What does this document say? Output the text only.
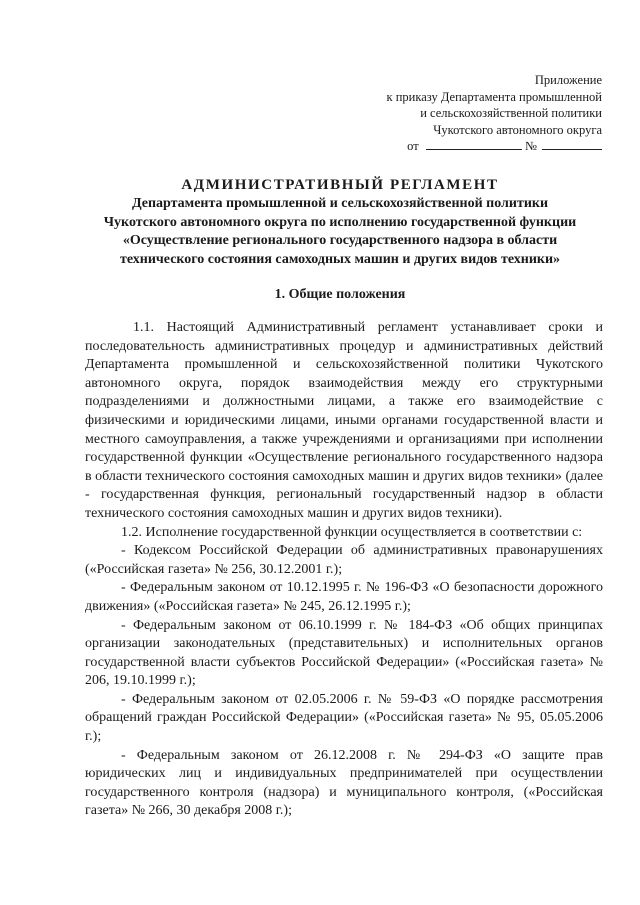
Приложение
к приказу Департамента промышленной
и сельскохозяйственной политики
Чукотского автономного округа
от	№
АДМИНИСТРАТИВНЫЙ РЕГЛАМЕНТ
Департамента промышленной и сельскохозяйственной политики
Чукотского автономного округа по исполнению государственной функции
«Осуществление регионального государственного надзора в области
технического состояния самоходных машин и других видов техники»
1. Общие положения

1.1. Настоящий Административный регламент устанавливает сроки и последовательность административных процедур и административных действий Департамента промышленной и сельскохозяйственной политики Чукотского автономного округа, порядок взаимодействия между его структурными подразделениями и должностными лицами, а также его взаимодействие с физическими и юридическими лицами, иными органами государственной власти и местного самоуправления, а также учреждениями и организациями при исполнении государственной функции «Осуществление регионального государственного надзора в области технического состояния самоходных машин и других видов техники» (далее - государственная функция, региональный государственный надзор в области технического состояния самоходных машин и других видов техники).

1.2. Исполнение государственной функции осуществляется в соответствии с:

- Кодексом Российской Федерации об административных правонарушениях («Российская газета» № 256, 30.12.2001 г.);

- Федеральным законом от 10.12.1995 г. № 196-ФЗ «О безопасности дорожного движения» («Российская газета» № 245, 26.12.1995 г.);

- Федеральным законом от 06.10.1999 г. № 184-ФЗ «Об общих принципах организации законодательных (представительных) и исполнительных органов государственной власти субъектов Российской Федерации» («Российская газета» № 206, 19.10.1999 г.);

- Федеральным законом от 02.05.2006 г. № 59-ФЗ «О порядке рассмотрения обращений граждан Российской Федерации» («Российская газета» № 95, 05.05.2006 г.);

- Федеральным законом от 26.12.2008 г. № 294-ФЗ «О защите прав юридических лиц и индивидуальных предпринимателей при осуществлении государственного контроля (надзора) и муниципального контроля, («Российская газета» № 266, 30 декабря 2008 г.);
